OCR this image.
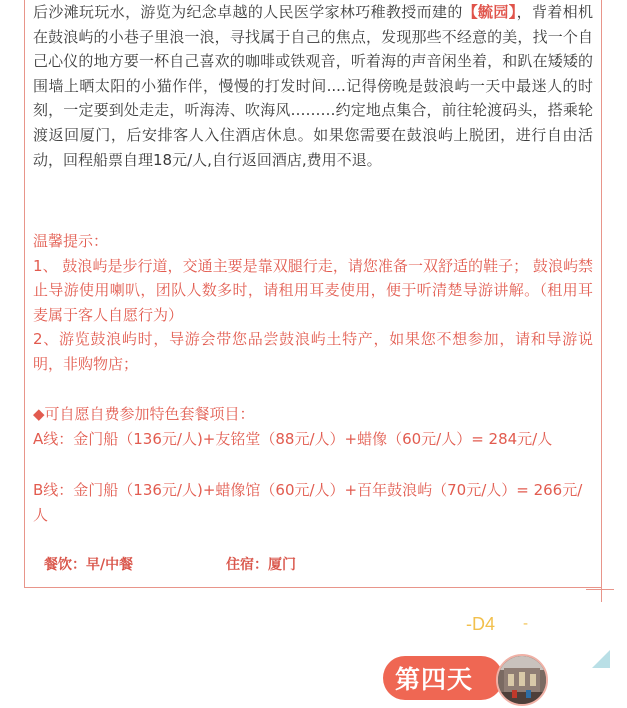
后沙滩玩玩水，游览为纪念卓越的人民医学家林巧稚教授而建的【毓园】，背着相机在鼓浪屿的小巷子里浪一浪，寻找属于自己的焦点，发现那些不经意的美，找一个自己心仪的地方要一杯自己喜欢的咖啡或铁观音，听着海的声音闲坐着，和趴在矮矮的围墙上晒太阳的小猫作伴，慢慢的打发时间....记得傍晚是鼓浪屿一天中最迷人的时刻，一定要到处走走，听海涛、吹海风………约定地点集合，前往轮渡码头，搭乘轮渡返回厦门，后安排客人入住酒店休息。如果您需要在鼓浪屿上脱团，进行自由活动，回程船票自理18元/人,自行返回酒店,费用不退。

温馨提示：

1、 鼓浪屿是步行道，交通主要是靠双腿行走，请您准备一双舒适的鞋子； 鼓浪屿禁止导游使用喇叭，团队人数多时，请租用耳麦使用，便于听清楚导游讲解。（租用耳麦属于客人自愿行为）

2、游览鼓浪屿时，导游会带您品尝鼓浪屿土特产，如果您不想参加，请和导游说明，非购物店；

◆可自愿自费参加特色套餐项目：
A线：金门船（136元/人)+友铭堂（88元/人）+蜡像（60元/人）= 284元/人
B线：金门船（136元/人)+蜡像馆（60元/人）+百年鼓浪屿（70元/人）= 266元/人
餐饮：早/中餐	住宿：厦门
-D4 -
第四天
